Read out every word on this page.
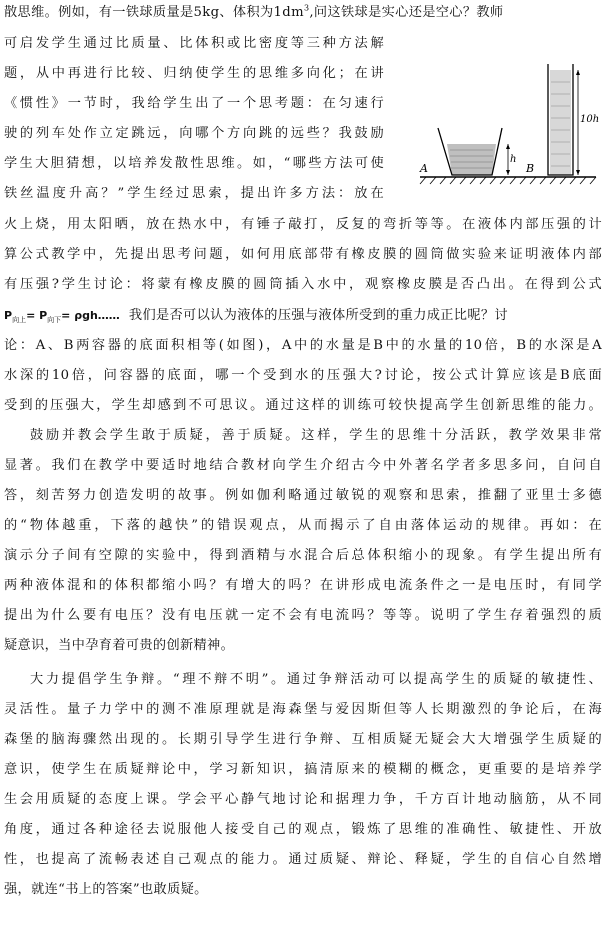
散思维。例如，有一铁球质量是5kg、体积为$1dm^3$,问这铁球是实心还是空心？教师
可启发学生通过比质量、比体积或比密度等三种方法解
题，从中再进行比较、归纳使学生的思维多向化；在讲
《惯性》一节时，我给学生出了一个思考题：在匀速行
驶的列车处作立定跳远，向哪个方向跳的远些？我鼓励
学生大胆猜想，以培养发散性思维。如，“哪些方法可使
铁丝温度升高？”学生经过思索，提出许多方法：放在
h
10h
A	B
火上烧，用太阳晒，放在热水中，有锤子敲打，反复的弯折等等。在液体内部压强的计
算公式教学中，先提出思考问题，如何用底部带有橡皮膜的圆筒做实验来证明液体内部
有压强?学生讨论：将蒙有橡皮膜的圆筒插入水中，观察橡皮膜是否凸出。在得到公式
$P_{向上}= P_{向下}=$ ρgh…… 我们是否可以认为液体的压强与液体所受到的重力成正比呢？讨
论：A、B两容器的底面积相等(如图)，A中的水量是B中的水量的10倍，B的水深是A
水深的10倍，问容器的底面，哪一个受到水的压强大?讨论，按公式计算应该是B底面
受到的压强大，学生却感到不可思议。通过这样的训练可较快提高学生创新思维的能力。
鼓励并教会学生敢于质疑，善于质疑。这样，学生的思维十分活跃，教学效果非常
显著。我们在教学中要适时地结合教材向学生介绍古今中外著名学者多思多问，自问自
答，刻苦努力创造发明的故事。例如伽利略通过敏锐的观察和思索，推翻了亚里士多德
的“物体越重，下落的越快”的错误观点，从而揭示了自由落体运动的规律。再如：在
演示分子间有空隙的实验中，得到酒精与水混合后总体积缩小的现象。有学生提出所有
两种液体混和的体积都缩小吗？有增大的吗？在讲形成电流条件之一是电压时，有同学
提出为什么要有电压？没有电压就一定不会有电流吗？等等。说明了学生存着强烈的质
疑意识，当中孕育着可贵的创新精神。
大力提倡学生争辩。“理不辩不明”。通过争辩活动可以提高学生的质疑的敏捷性、
灵活性。量子力学中的测不准原理就是海森堡与爱因斯但等人长期激烈的争论后，在海
森堡的脑海骤然出现的。长期引导学生进行争辩、互相质疑无疑会大大增强学生质疑的
意识，使学生在质疑辩论中，学习新知识，搞清原来的模糊的概念，更重要的是培养学
生会用质疑的态度上课。学会平心静气地讨论和据理力争，千方百计地动脑筋，从不同
角度，通过各种途径去说服他人接受自己的观点，锻炼了思维的准确性、敏捷性、开放
性，也提高了流畅表述自己观点的能力。通过质疑、辩论、释疑，学生的自信心自然增
强，就连“书上的答案”也敢质疑。
